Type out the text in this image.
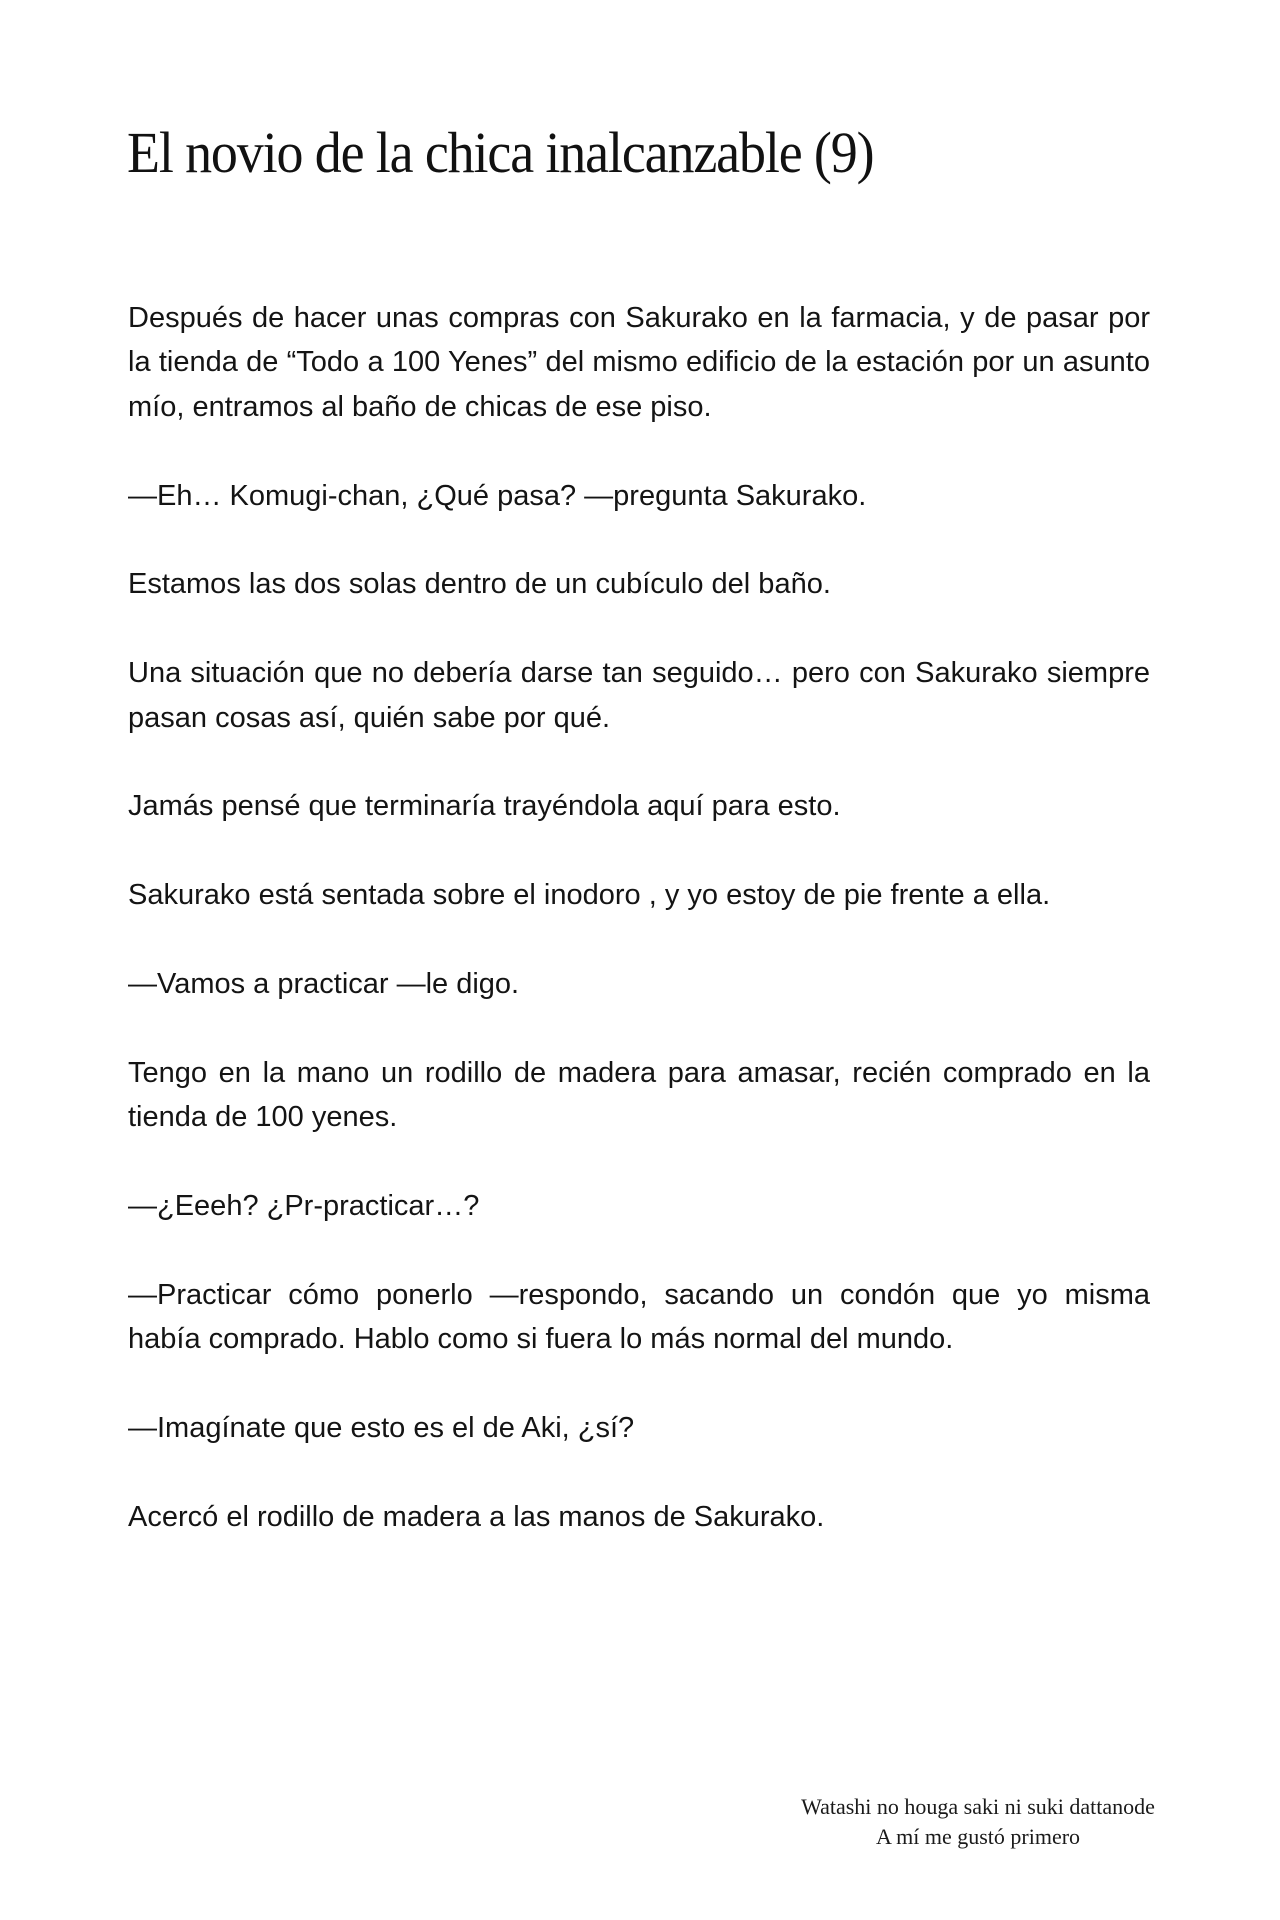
El novio de la chica inalcanzable (9)

Después de hacer unas compras con Sakurako en la farmacia, y de pasar por la tienda de “Todo a 100 Yenes” del mismo edificio de la estación por un asunto mío, entramos al baño de chicas de ese piso.

—Eh… Komugi-chan, ¿Qué pasa? —pregunta Sakurako.

Estamos las dos solas dentro de un cubículo del baño.

Una situación que no debería darse tan seguido… pero con Sakurako siempre pasan cosas así, quién sabe por qué.

Jamás pensé que terminaría trayéndola aquí para esto.

Sakurako está sentada sobre el inodoro , y yo estoy de pie frente a ella.

—Vamos a practicar —le digo.

Tengo en la mano un rodillo de madera para amasar, recién comprado en la tienda de 100 yenes.

—¿Eeeh? ¿Pr-practicar…?

—Practicar cómo ponerlo —respondo, sacando un condón que yo misma había comprado. Hablo como si fuera lo más normal del mundo.

—Imagínate que esto es el de Aki, ¿sí?

Acercó el rodillo de madera a las manos de Sakurako.

Watashi no houga saki ni suki dattanode
A mí me gustó primero
